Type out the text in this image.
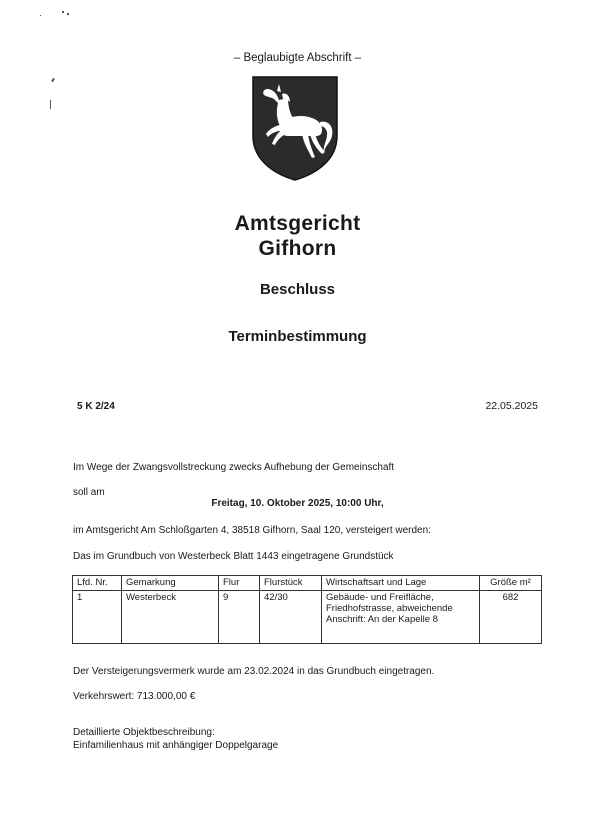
– Beglaubigte Abschrift –
Amtsgericht
Gifhorn
Beschluss
Terminbestimmung
5 K 2/24	22.05.2025
Im Wege der Zwangsvollstreckung zwecks Aufhebung der Gemeinschaft
soll am
Freitag, 10. Oktober 2025, 10:00 Uhr,
im Amtsgericht Am Schloßgarten 4, 38518 Gifhorn, Saal 120, versteigert werden:
Das im Grundbuch von Westerbeck Blatt 1443 eingetragene Grundstück
Lfd. Nr.	Gemarkung	Flur	Flurstück	Wirtschaftsart und Lage	Größe m²
1	Westerbeck	9	42/30	Gebäude- und Freifläche, Friedhofstrasse, abweichende Anschrift: An der Kapelle 8	682
Der Versteigerungsvermerk wurde am 23.02.2024 in das Grundbuch eingetragen.
Verkehrswert: 713.000,00 €
Detaillierte Objektbeschreibung:
Einfamilienhaus mit anhängiger Doppelgarage
